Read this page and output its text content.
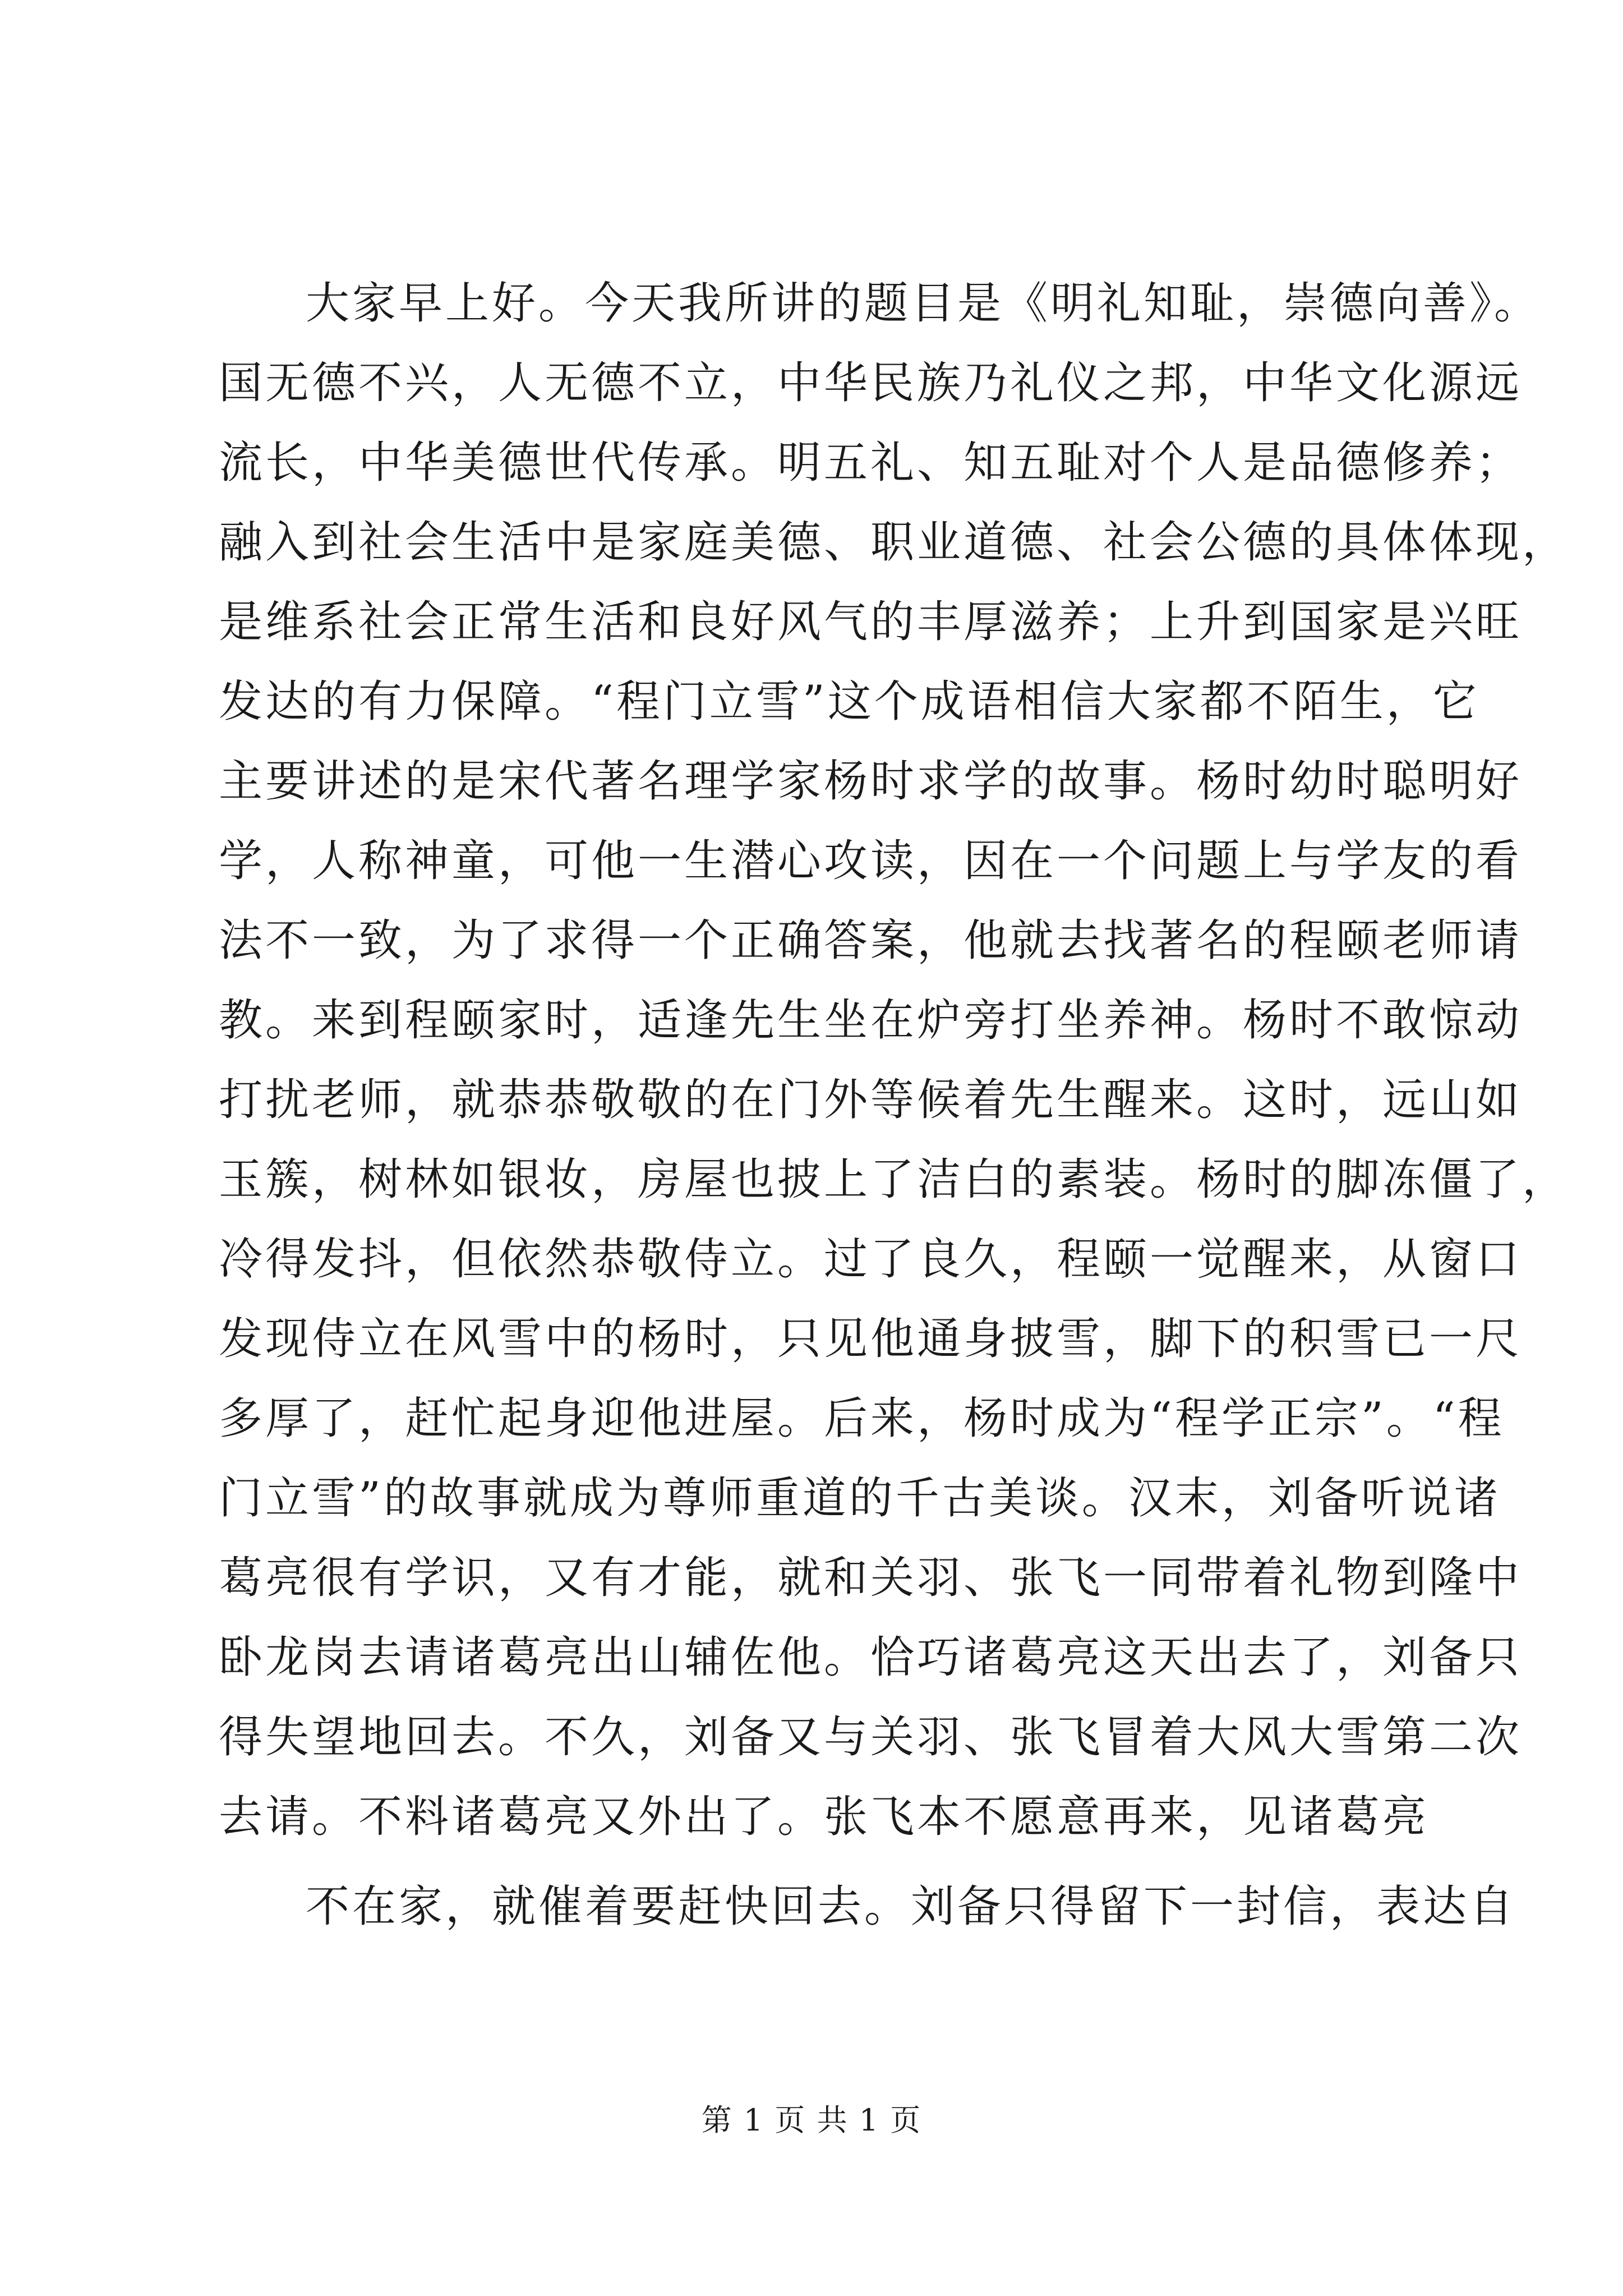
大家早上好。今天我所讲的题目是《明礼知耻，崇德向善》。
国无德不兴，人无德不立，中华民族乃礼仪之邦，中华文化源远
流长，中华美德世代传承。明五礼、知五耻对个人是品德修养；
融入到社会生活中是家庭美德、职业道德、社会公德的具体体现，
是维系社会正常生活和良好风气的丰厚滋养；上升到国家是兴旺
发达的有力保障。“程门立雪”这个成语相信大家都不陌生，它
主要讲述的是宋代著名理学家杨时求学的故事。杨时幼时聪明好
学，人称神童，可他一生潜心攻读，因在一个问题上与学友的看
法不一致，为了求得一个正确答案，他就去找著名的程颐老师请
教。来到程颐家时，适逢先生坐在炉旁打坐养神。杨时不敢惊动
打扰老师，就恭恭敬敬的在门外等候着先生醒来。这时，远山如
玉簇，树林如银妆，房屋也披上了洁白的素装。杨时的脚冻僵了，
冷得发抖，但依然恭敬侍立。过了良久，程颐一觉醒来，从窗口
发现侍立在风雪中的杨时，只见他通身披雪，脚下的积雪已一尺
多厚了，赶忙起身迎他进屋。后来，杨时成为“程学正宗”。“程
门立雪”的故事就成为尊师重道的千古美谈。汉末，刘备听说诸
葛亮很有学识，又有才能，就和关羽、张飞一同带着礼物到隆中
卧龙岗去请诸葛亮出山辅佐他。恰巧诸葛亮这天出去了，刘备只
得失望地回去。不久，刘备又与关羽、张飞冒着大风大雪第二次
去请。不料诸葛亮又外出了。张飞本不愿意再来，见诸葛亮
不在家，就催着要赶快回去。刘备只得留下一封信，表达自
第 1 页 共 1 页
